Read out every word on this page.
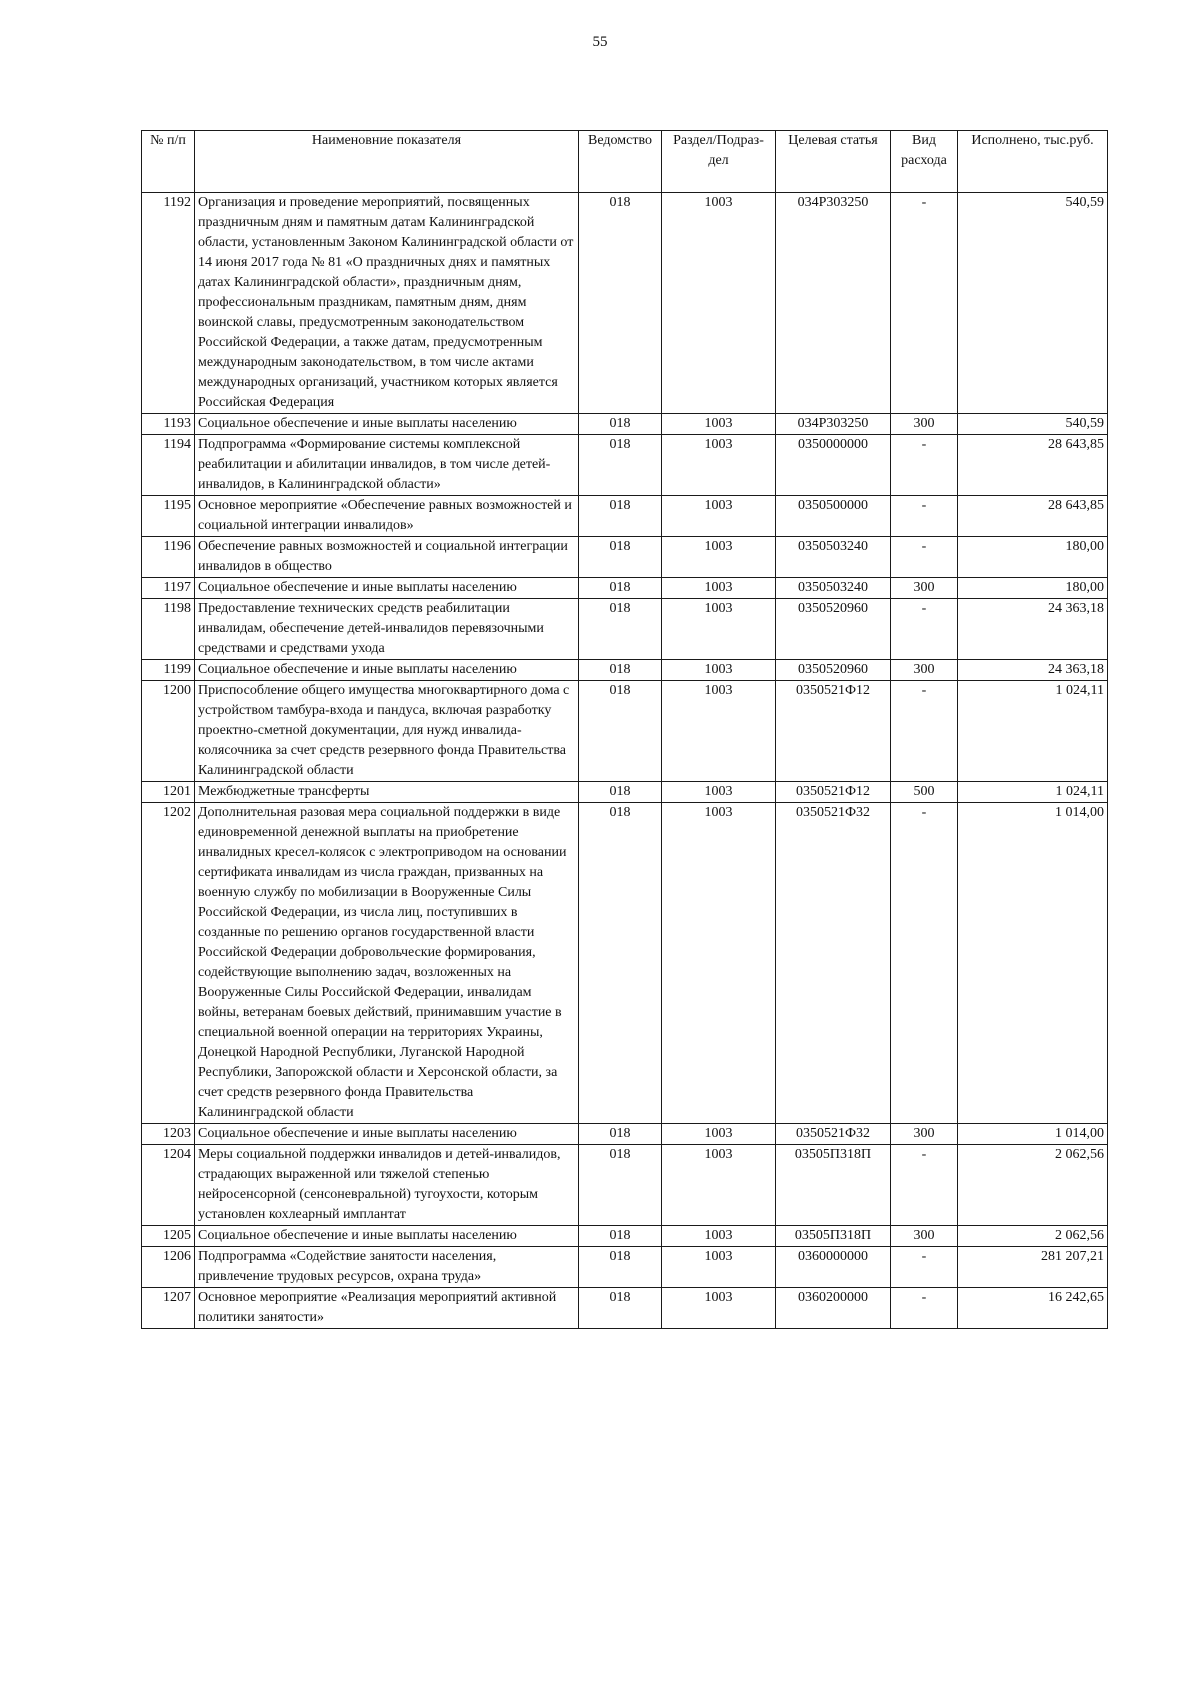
55
№ п/п	Наименовние показателя	Ведомство	Раздел/Подраз-дел	Целевая статья	Вид расхода	Исполнено, тыс.руб.
1192	Организация и проведение мероприятий, посвященных праздничным дням и памятным датам Калининградской области, установленным Законом Калининградской области от 14 июня 2017 года № 81 «О праздничных днях и памятных датах Калининградской области», праздничным дням, профессиональным праздникам, памятным дням, дням воинской славы, предусмотренным законодательством Российской Федерации, а также датам, предусмотренным международным законодательством, в том числе актами международных организаций, участником которых является Российская Федерация	018	1003	034P303250	-	540,59
1193	Социальное обеспечение и иные выплаты населению	018	1003	034P303250	300	540,59
1194	Подпрограмма «Формирование системы комплексной реабилитации и абилитации инвалидов, в том числе детей-инвалидов, в Калининградской области»	018	1003	0350000000	-	28 643,85
1195	Основное мероприятие «Обеспечение равных возможностей и социальной интеграции инвалидов»	018	1003	0350500000	-	28 643,85
1196	Обеспечение равных возможностей и социальной интеграции инвалидов в общество	018	1003	0350503240	-	180,00
1197	Социальное обеспечение и иные выплаты населению	018	1003	0350503240	300	180,00
1198	Предоставление технических средств реабилитации инвалидам, обеспечение детей-инвалидов перевязочными средствами и средствами ухода	018	1003	0350520960	-	24 363,18
1199	Социальное обеспечение и иные выплаты населению	018	1003	0350520960	300	24 363,18
1200	Приспособление общего имущества многоквартирного дома с устройством тамбура-входа и пандуса, включая разработку проектно-сметной документации, для нужд инвалида-колясочника за счет средств резервного фонда Правительства Калининградской области	018	1003	0350521Ф12	-	1 024,11
1201	Межбюджетные трансферты	018	1003	0350521Ф12	500	1 024,11
1202	Дополнительная разовая мера социальной поддержки в виде единовременной денежной выплаты на приобретение инвалидных кресел-колясок с электроприводом на основании сертификата инвалидам из числа граждан, призванных на военную службу по мобилизации в Вооруженные Силы Российской Федерации, из числа лиц, поступивших в созданные по решению органов государственной власти Российской Федерации добровольческие формирования, содействующие выполнению задач, возложенных на Вооруженные Силы Российской Федерации, инвалидам войны, ветеранам боевых действий, принимавшим участие в специальной военной операции на территориях Украины, Донецкой Народной Республики, Луганской Народной Республики, Запорожской области и Херсонской области, за счет средств резервного фонда Правительства Калининградской области	018	1003	0350521Ф32	-	1 014,00
1203	Социальное обеспечение и иные выплаты населению	018	1003	0350521Ф32	300	1 014,00
1204	Меры социальной поддержки инвалидов и детей-инвалидов, страдающих выраженной или тяжелой степенью нейросенсорной (сенсоневральной) тугоухости, которым установлен кохлеарный имплантат	018	1003	03505П318П	-	2 062,56
1205	Социальное обеспечение и иные выплаты населению	018	1003	03505П318П	300	2 062,56
1206	Подпрограмма «Содействие занятости населения, привлечение трудовых ресурсов, охрана труда»	018	1003	0360000000	-	281 207,21
1207	Основное мероприятие «Реализация мероприятий активной политики занятости»	018	1003	0360200000	-	16 242,65
